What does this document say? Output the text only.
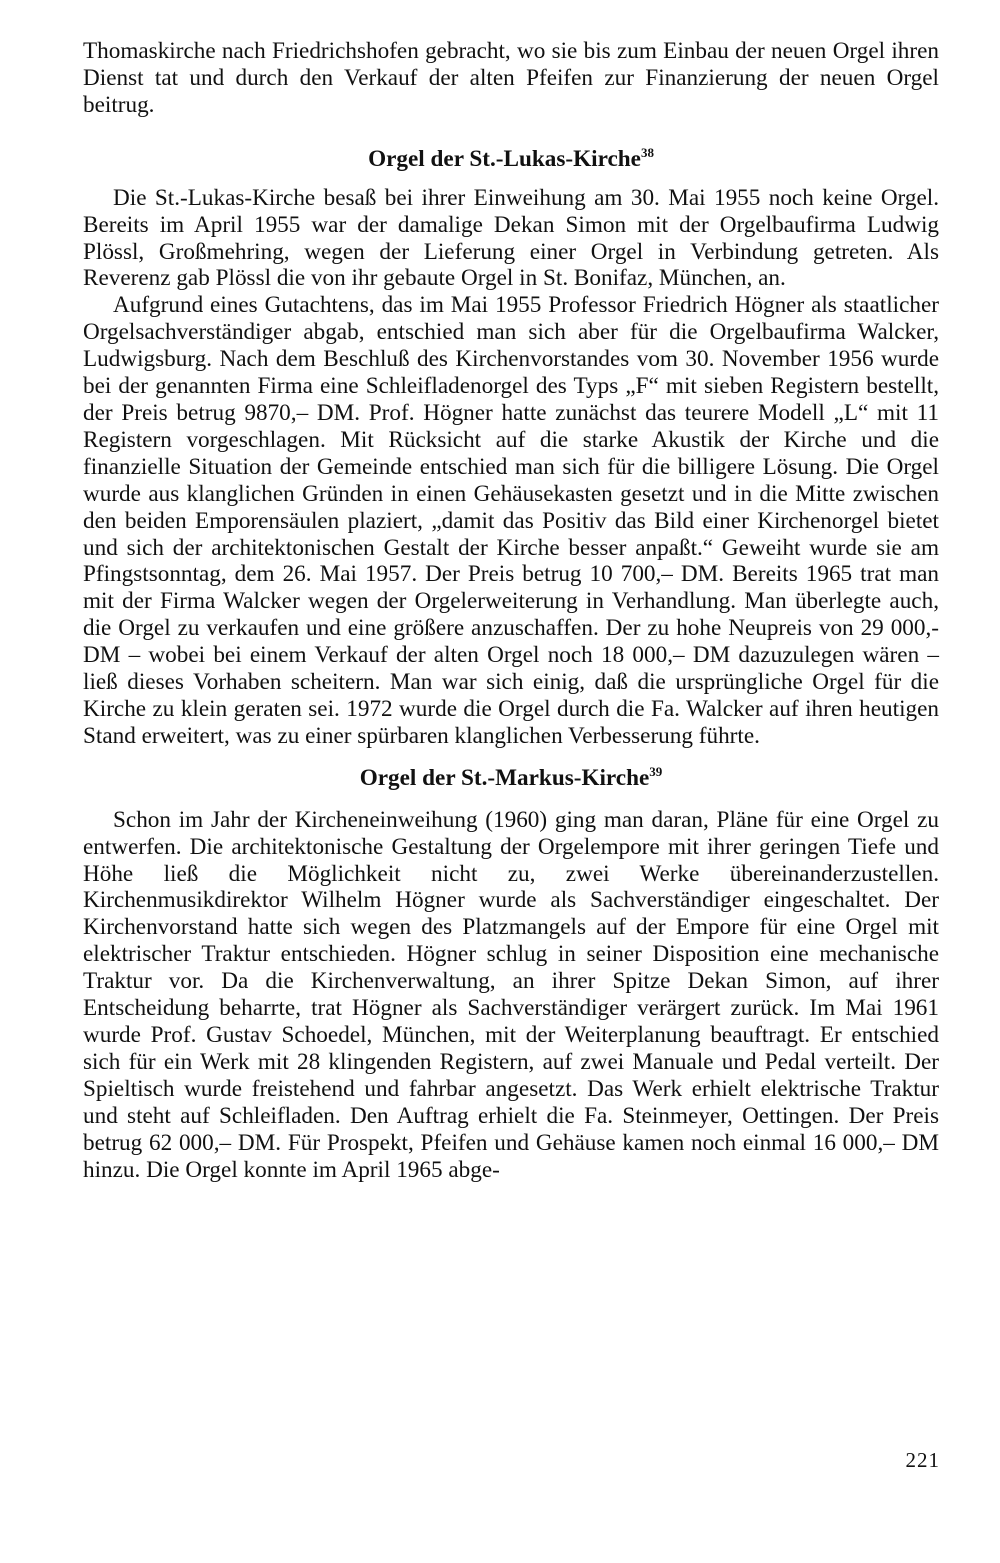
Thomaskirche nach Friedrichshofen gebracht, wo sie bis zum Einbau der neuen Orgel ihren Dienst tat und durch den Verkauf der alten Pfeifen zur Finanzierung der neuen Orgel beitrug.

Orgel der St.-Lukas-Kirche$^{38}$

Die St.-Lukas-Kirche besaß bei ihrer Einweihung am 30. Mai 1955 noch keine Orgel. Bereits im April 1955 war der damalige Dekan Simon mit der Orgelbaufirma Ludwig Plössl, Großmehring, wegen der Lieferung einer Orgel in Verbindung getreten. Als Reverenz gab Plössl die von ihr gebaute Orgel in St. Bonifaz, München, an.

Aufgrund eines Gutachtens, das im Mai 1955 Professor Friedrich Högner als staatlicher Orgelsachverständiger abgab, entschied man sich aber für die Orgelbaufirma Walcker, Ludwigsburg. Nach dem Beschluß des Kirchenvorstandes vom 30. November 1956 wurde bei der genannten Firma eine Schleifladenorgel des Typs „F“ mit sieben Registern bestellt, der Preis betrug 9870,– DM. Prof. Högner hatte zunächst das teurere Modell „L“ mit 11 Registern vorgeschlagen. Mit Rücksicht auf die starke Akustik der Kirche und die finanzielle Situation der Gemeinde entschied man sich für die billigere Lösung. Die Orgel wurde aus klanglichen Gründen in einen Gehäusekasten gesetzt und in die Mitte zwischen den beiden Emporensäulen plaziert, „damit das Positiv das Bild einer Kirchenorgel bietet und sich der architektonischen Gestalt der Kirche besser anpaßt.“ Geweiht wurde sie am Pfingstsonntag, dem 26. Mai 1957. Der Preis betrug 10 700,– DM. Bereits 1965 trat man mit der Firma Walcker wegen der Orgelerweiterung in Verhandlung. Man überlegte auch, die Orgel zu verkaufen und eine größere anzuschaffen. Der zu hohe Neupreis von 29 000,- DM – wobei bei einem Verkauf der alten Orgel noch 18 000,– DM dazuzulegen wären – ließ dieses Vorhaben scheitern. Man war sich einig, daß die ursprüngliche Orgel für die Kirche zu klein geraten sei. 1972 wurde die Orgel durch die Fa. Walcker auf ihren heutigen Stand erweitert, was zu einer spürbaren klanglichen Verbesserung führte.

Orgel der St.-Markus-Kirche$^{39}$

Schon im Jahr der Kircheneinweihung (1960) ging man daran, Pläne für eine Orgel zu entwerfen. Die architektonische Gestaltung der Orgelempore mit ihrer geringen Tiefe und Höhe ließ die Möglichkeit nicht zu, zwei Werke übereinanderzustellen. Kirchenmusikdirektor Wilhelm Högner wurde als Sachverständiger eingeschaltet. Der Kirchenvorstand hatte sich wegen des Platzmangels auf der Empore für eine Orgel mit elektrischer Traktur entschieden. Högner schlug in seiner Disposition eine mechanische Traktur vor. Da die Kirchenverwaltung, an ihrer Spitze Dekan Simon, auf ihrer Entscheidung beharrte, trat Högner als Sachverständiger verärgert zurück. Im Mai 1961 wurde Prof. Gustav Schoedel, München, mit der Weiterplanung beauftragt. Er entschied sich für ein Werk mit 28 klingenden Registern, auf zwei Manuale und Pedal verteilt. Der Spieltisch wurde freistehend und fahrbar angesetzt. Das Werk erhielt elektrische Traktur und steht auf Schleifladen. Den Auftrag erhielt die Fa. Steinmeyer, Oettingen. Der Preis betrug 62 000,– DM. Für Prospekt, Pfeifen und Gehäuse kamen noch einmal 16 000,– DM hinzu. Die Orgel konnte im April 1965 abge-

221
